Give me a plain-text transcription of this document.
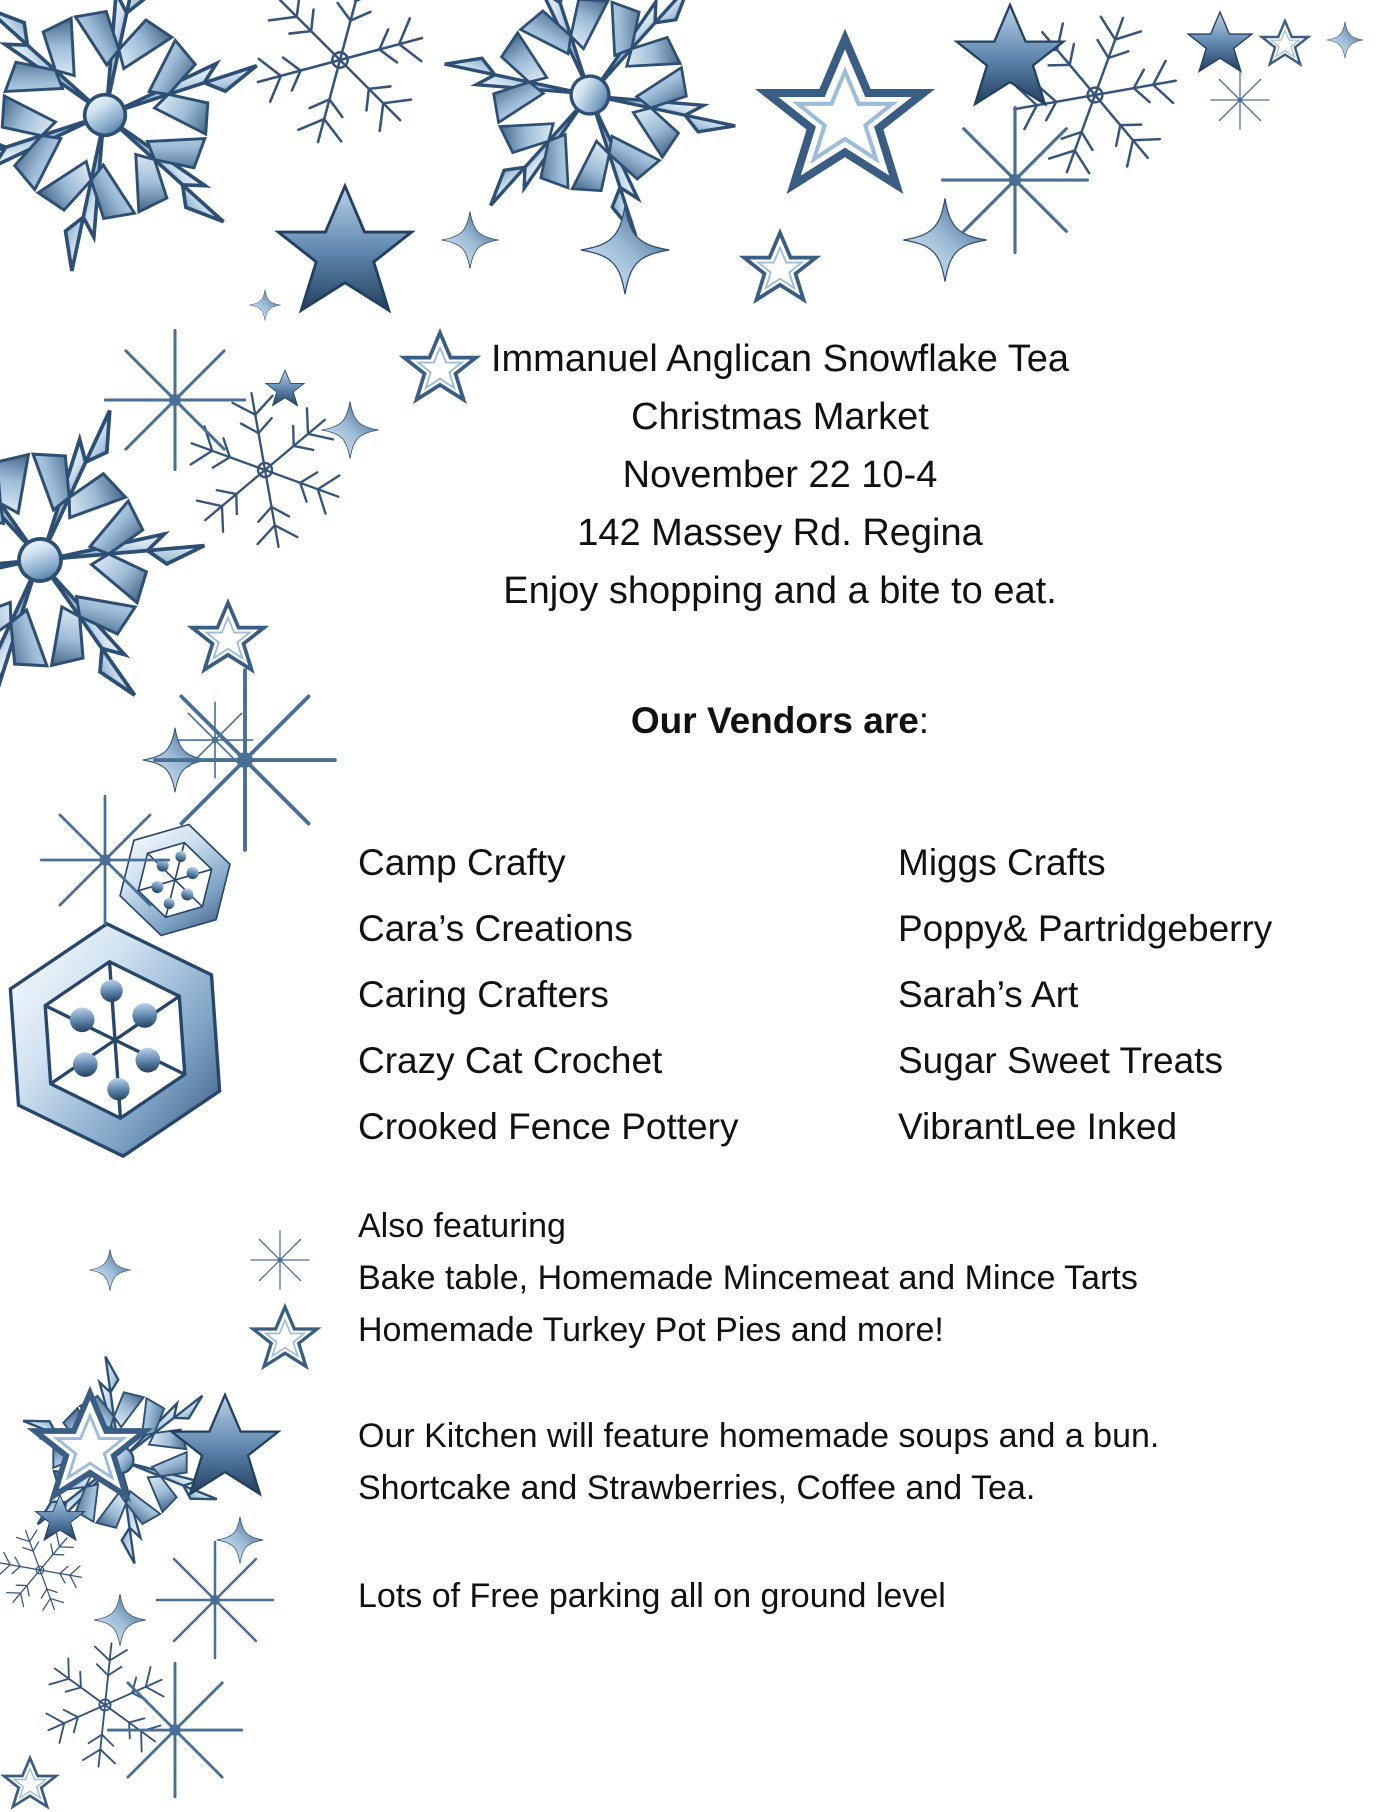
Immanuel Anglican Snowflake Tea
Christmas Market
November 22 10-4
142 Massey Rd. Regina
Enjoy shopping and a bite to eat.
Our Vendors are:
Camp Crafty
Cara’s Creations
Caring Crafters
Crazy Cat Crochet
Crooked Fence Pottery
Miggs Crafts
Poppy& Partridgeberry
Sarah’s Art
Sugar Sweet Treats
VibrantLee Inked
Also featuring
Bake table, Homemade Mincemeat and Mince Tarts
Homemade Turkey Pot Pies and more!
Our Kitchen will feature homemade soups and a bun.
Shortcake and Strawberries, Coffee and Tea.
Lots of Free parking all on ground level
